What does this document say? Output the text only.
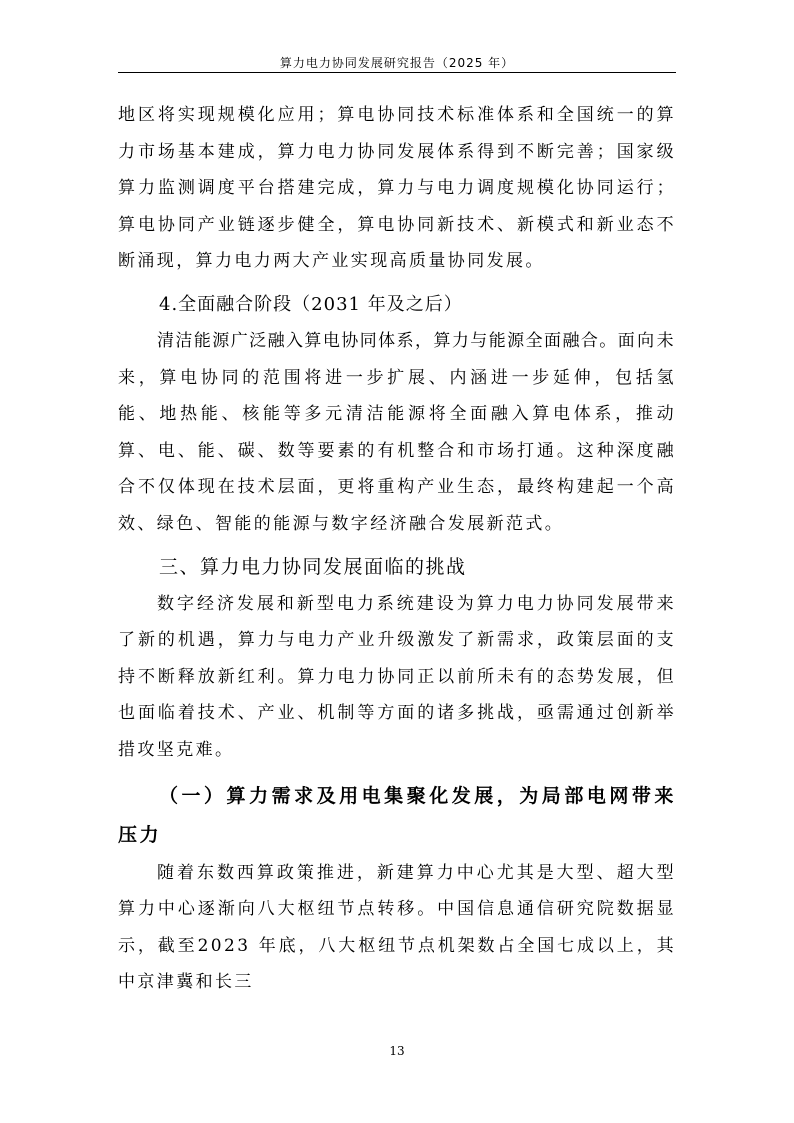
算力电力协同发展研究报告（2025 年）

地区将实现规模化应用；算电协同技术标准体系和全国统一的算力市场基本建成，算力电力协同发展体系得到不断完善；国家级算力监测调度平台搭建完成，算力与电力调度规模化协同运行；算电协同产业链逐步健全，算电协同新技术、新模式和新业态不断涌现，算力电力两大产业实现高质量协同发展。

4.全面融合阶段（2031 年及之后）

清洁能源广泛融入算电协同体系，算力与能源全面融合。面向未来，算电协同的范围将进一步扩展、内涵进一步延伸，包括氢能、地热能、核能等多元清洁能源将全面融入算电体系，推动算、电、能、碳、数等要素的有机整合和市场打通。这种深度融合不仅体现在技术层面，更将重构产业生态，最终构建起一个高效、绿色、智能的能源与数字经济融合发展新范式。

三、算力电力协同发展面临的挑战

数字经济发展和新型电力系统建设为算力电力协同发展带来了新的机遇，算力与电力产业升级激发了新需求，政策层面的支持不断释放新红利。算力电力协同正以前所未有的态势发展，但也面临着技术、产业、机制等方面的诸多挑战，亟需通过创新举措攻坚克难。

（一）算力需求及用电集聚化发展，为局部电网带来压力

随着东数西算政策推进，新建算力中心尤其是大型、超大型算力中心逐渐向八大枢纽节点转移。中国信息通信研究院数据显示，截至2023 年底，八大枢纽节点机架数占全国七成以上，其中京津冀和长三

13
